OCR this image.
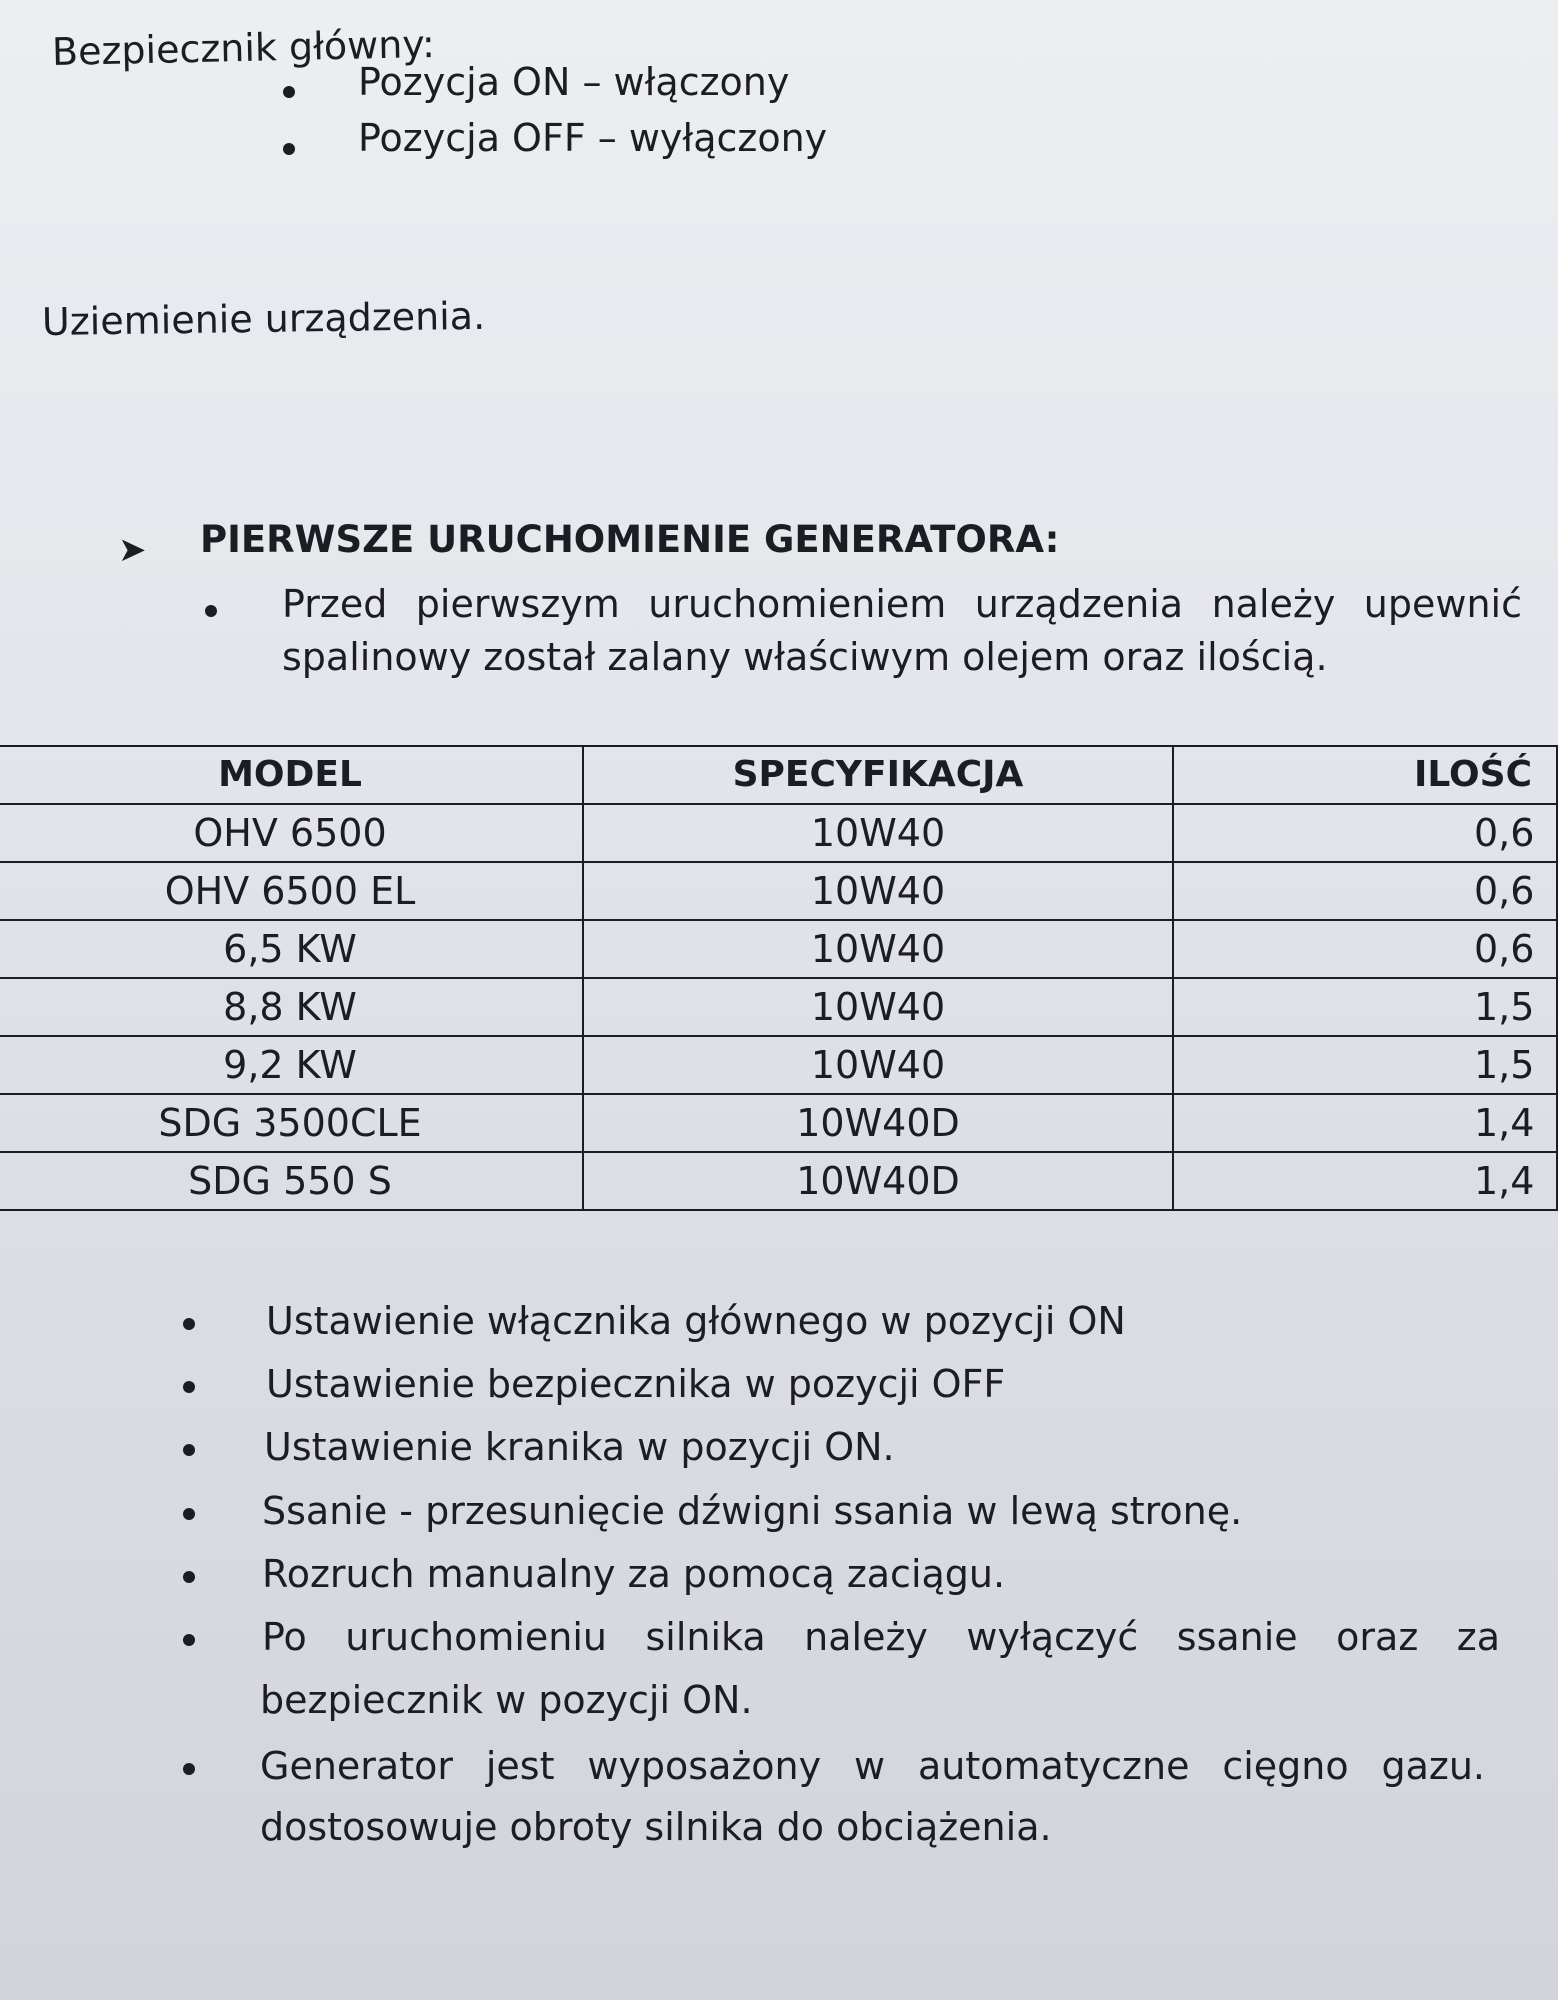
Bezpiecznik główny:
Pozycja ON – włączony
Pozycja OFF – wyłączony
Uziemienie urządzenia.
➤ PIERWSZE URUCHOMIENIE GENERATORA:
Przed pierwszym uruchomieniem urządzenia należy upewnić
spalinowy został zalany właściwym olejem oraz ilością.
MODEL	SPECYFIKACJA	ILOŚĆ
OHV 6500	10W40	0,6
OHV 6500 EL	10W40	0,6
6,5 KW	10W40	0,6
8,8 KW	10W40	1,5
9,2 KW	10W40	1,5
SDG 3500CLE	10W40D	1,4
SDG 550 S	10W40D	1,4
Ustawienie włącznika głównego w pozycji ON
Ustawienie bezpiecznika w pozycji OFF
Ustawienie kranika w pozycji ON.
Ssanie - przesunięcie dźwigni ssania w lewą stronę.
Rozruch manualny za pomocą zaciągu.
Po uruchomieniu silnika należy wyłączyć ssanie oraz za
bezpiecznik w pozycji ON.
Generator jest wyposażony w automatyczne cięgno gazu.
dostosowuje obroty silnika do obciążenia.
